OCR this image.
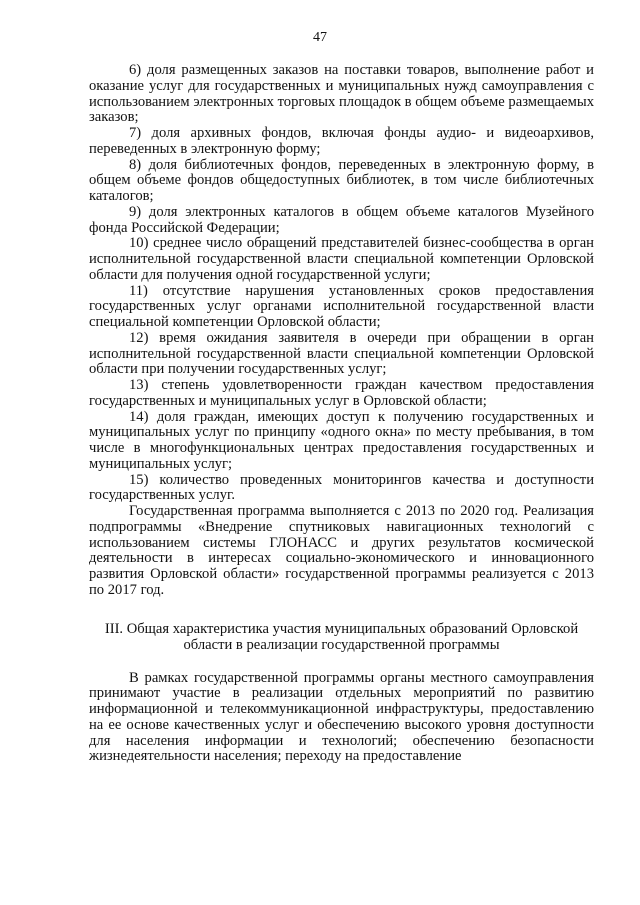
47

6) доля размещенных заказов на поставки товаров, выполнение работ и оказание услуг для государственных и муниципальных нужд самоуправления с использованием электронных торговых площадок в общем объеме размещаемых заказов;

7) доля архивных фондов, включая фонды аудио- и видеоархивов, переведенных в электронную форму;

8) доля библиотечных фондов, переведенных в электронную форму, в общем объеме фондов общедоступных библиотек, в том числе библиотечных каталогов;

9) доля электронных каталогов в общем объеме каталогов Музейного фонда Российской Федерации;

10) среднее число обращений представителей бизнес-сообщества в орган исполнительной государственной власти специальной компетенции Орловской области для получения одной государственной услуги;

11) отсутствие нарушения установленных сроков предоставления государственных услуг органами исполнительной государственной власти специальной компетенции Орловской области;

12) время ожидания заявителя в очереди при обращении в орган исполнительной государственной власти специальной компетенции Орловской области при получении государственных услуг;

13) степень удовлетворенности граждан качеством предоставления государственных и муниципальных услуг в Орловской области;

14) доля граждан, имеющих доступ к получению государственных и муниципальных услуг по принципу «одного окна» по месту пребывания, в том числе в многофункциональных центрах предоставления государственных и муниципальных услуг;

15) количество проведенных мониторингов качества и доступности государственных услуг.

Государственная программа выполняется с 2013 по 2020 год. Реализация подпрограммы «Внедрение спутниковых навигационных технологий с использованием системы ГЛОНАСС и других результатов космической деятельности в интересах социально-экономического и инновационного развития Орловской области» государственной программы реализуется с 2013 по 2017 год.

III. Общая характеристика участия муниципальных образований Орловской
области в реализации государственной программы

В рамках государственной программы органы местного самоуправления принимают участие в реализации отдельных мероприятий по развитию информационной и телекоммуникационной инфраструктуры, предоставлению на ее основе качественных услуг и обеспечению высокого уровня доступности для населения информации и технологий; обеспечению безопасности жизнедеятельности населения; переходу на предоставление
